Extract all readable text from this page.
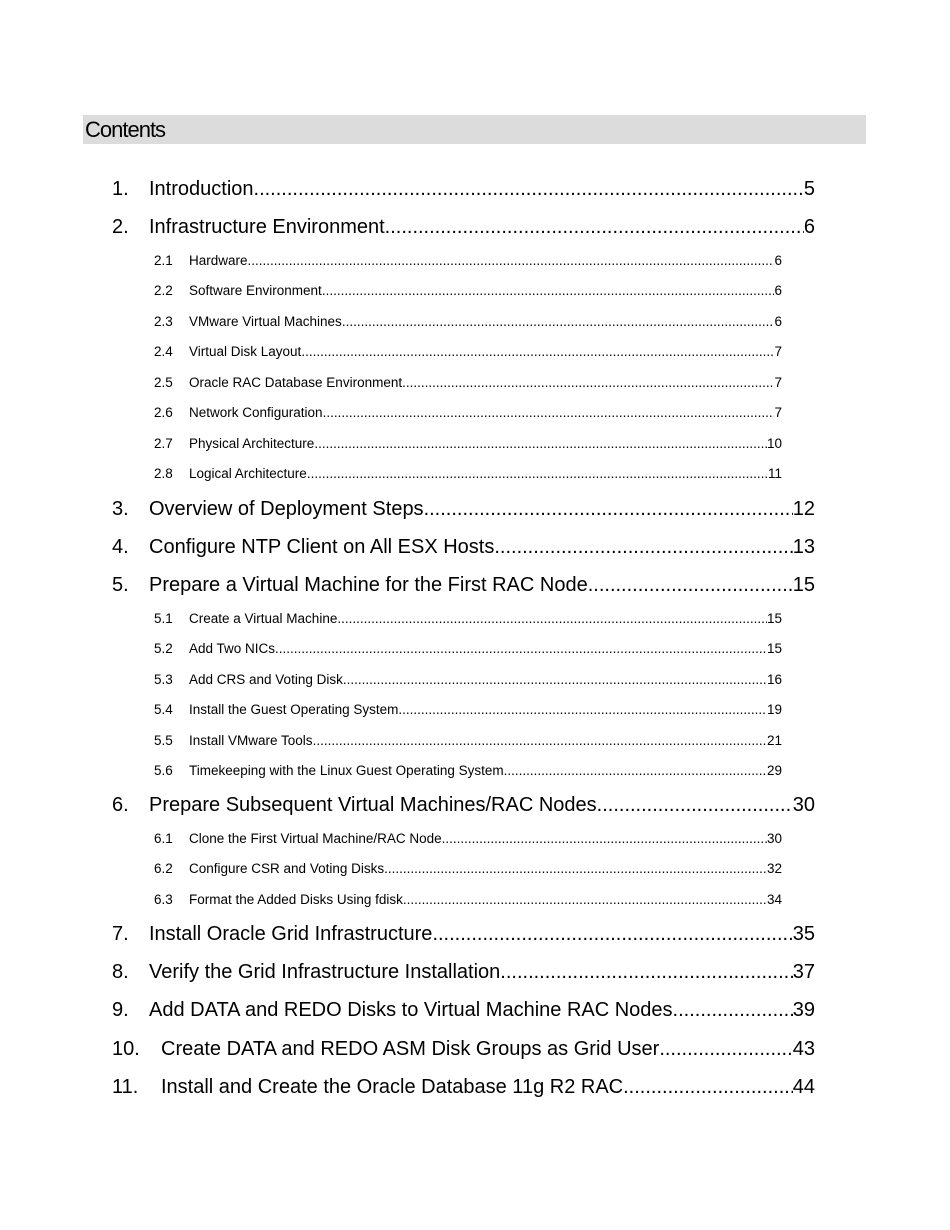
Contents
1.	Introduction .....	5
2.	Infrastructure Environment .....	6
2.1	Hardware .....	6
2.2	Software Environment .....	6
2.3	VMware Virtual Machines .....	6
2.4	Virtual Disk Layout .....	7
2.5	Oracle RAC Database Environment .....	7
2.6	Network Configuration .....	7
2.7	Physical Architecture .....	10
2.8	Logical Architecture .....	11
3.	Overview of Deployment Steps .....	12
4.	Configure NTP Client on All ESX Hosts .....	13
5.	Prepare a Virtual Machine for the First RAC Node .....	15
5.1	Create a Virtual Machine .....	15
5.2	Add Two NICs .....	15
5.3	Add CRS and Voting Disk .....	16
5.4	Install the Guest Operating System .....	19
5.5	Install VMware Tools .....	21
5.6	Timekeeping with the Linux Guest Operating System .....	29
6.	Prepare Subsequent Virtual Machines/RAC Nodes .....	30
6.1	Clone the First Virtual Machine/RAC Node .....	30
6.2	Configure CSR and Voting Disks .....	32
6.3	Format the Added Disks Using fdisk .....	34
7.	Install Oracle Grid Infrastructure .....	35
8.	Verify the Grid Infrastructure Installation .....	37
9.	Add DATA and REDO Disks to Virtual Machine RAC Nodes .....	39
10.	Create DATA and REDO ASM Disk Groups as Grid User .....	43
11.	Install and Create the Oracle Database 11g R2 RAC .....	44
